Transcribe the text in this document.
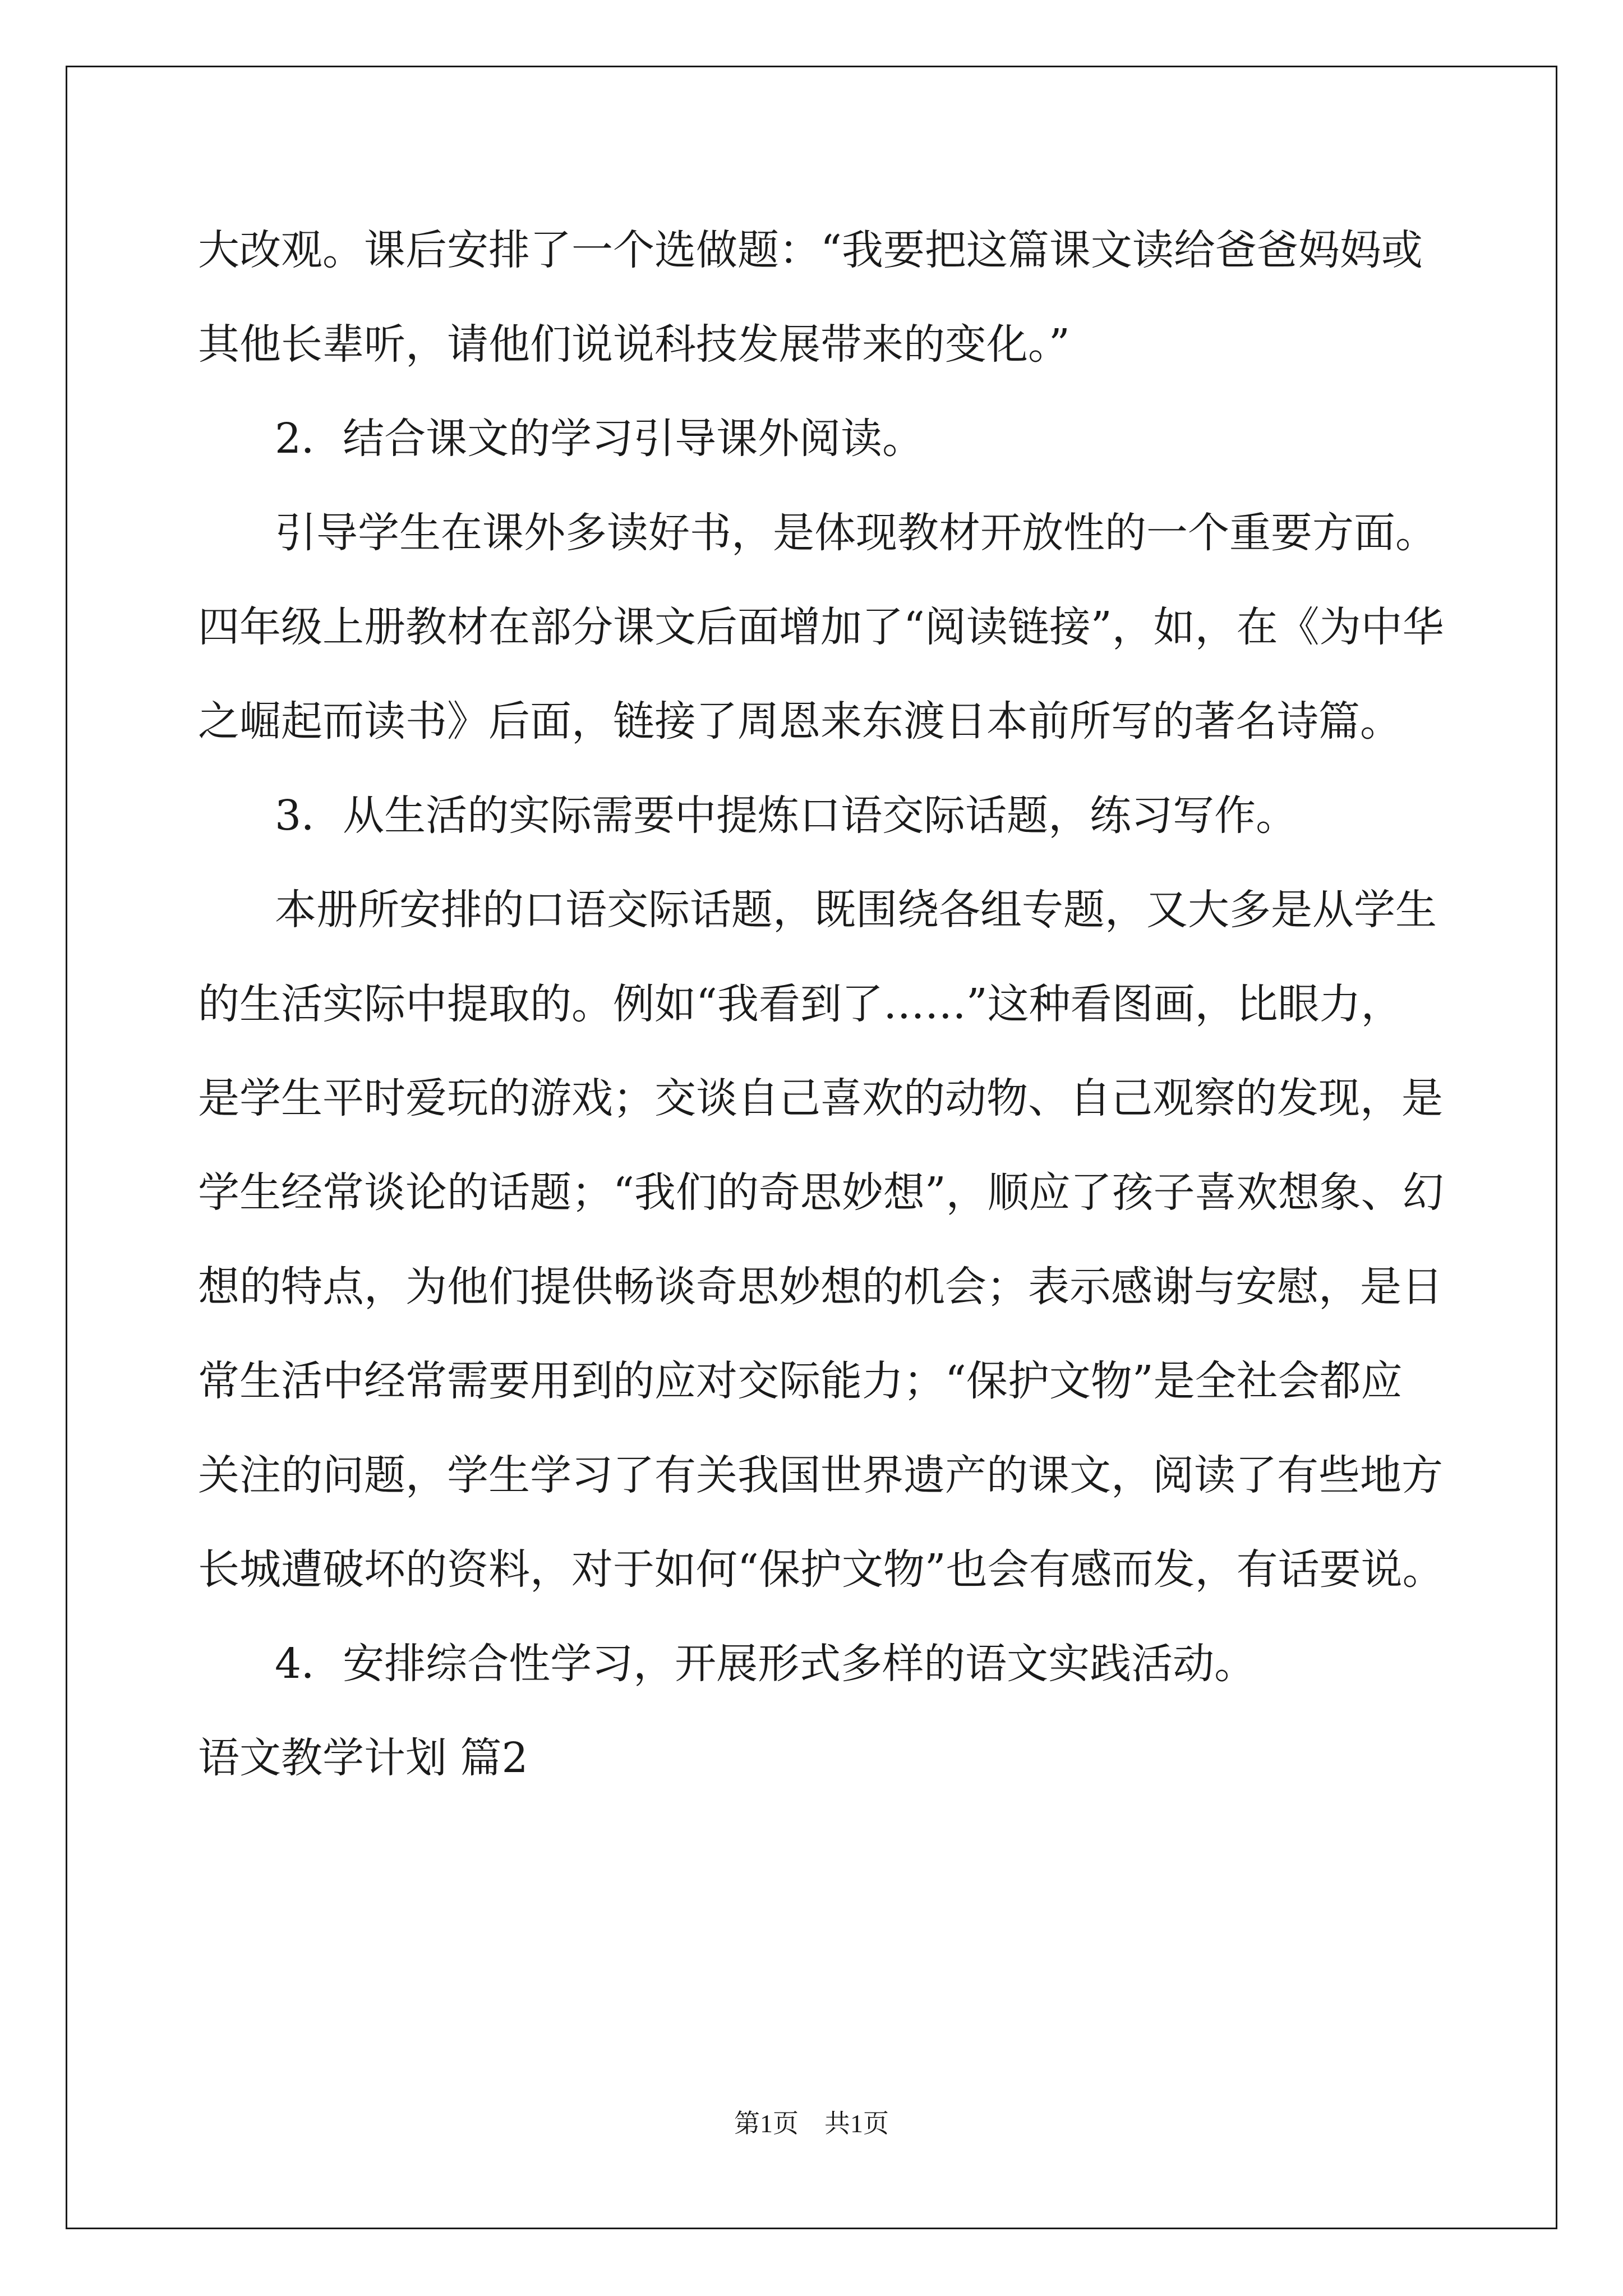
大改观。课后安排了一个选做题：“我要把这篇课文读给爸爸妈妈或

其他长辈听，请他们说说科技发展带来的变化。”

2．结合课文的学习引导课外阅读。

引导学生在课外多读好书，是体现教材开放性的一个重要方面。

四年级上册教材在部分课文后面增加了“阅读链接”，如，在《为中华

之崛起而读书》后面，链接了周恩来东渡日本前所写的著名诗篇。

3．从生活的实际需要中提炼口语交际话题，练习写作。

本册所安排的口语交际话题，既围绕各组专题，又大多是从学生

的生活实际中提取的。例如“我看到了……”这种看图画，比眼力，

是学生平时爱玩的游戏；交谈自己喜欢的动物、自己观察的发现，是

学生经常谈论的话题；“我们的奇思妙想”，顺应了孩子喜欢想象、幻

想的特点，为他们提供畅谈奇思妙想的机会；表示感谢与安慰，是日

常生活中经常需要用到的应对交际能力；“保护文物”是全社会都应

关注的问题，学生学习了有关我国世界遗产的课文，阅读了有些地方

长城遭破坏的资料，对于如何“保护文物”也会有感而发，有话要说。

4．安排综合性学习，开展形式多样的语文实践活动。

语文教学计划 篇2

第1页　共1页
